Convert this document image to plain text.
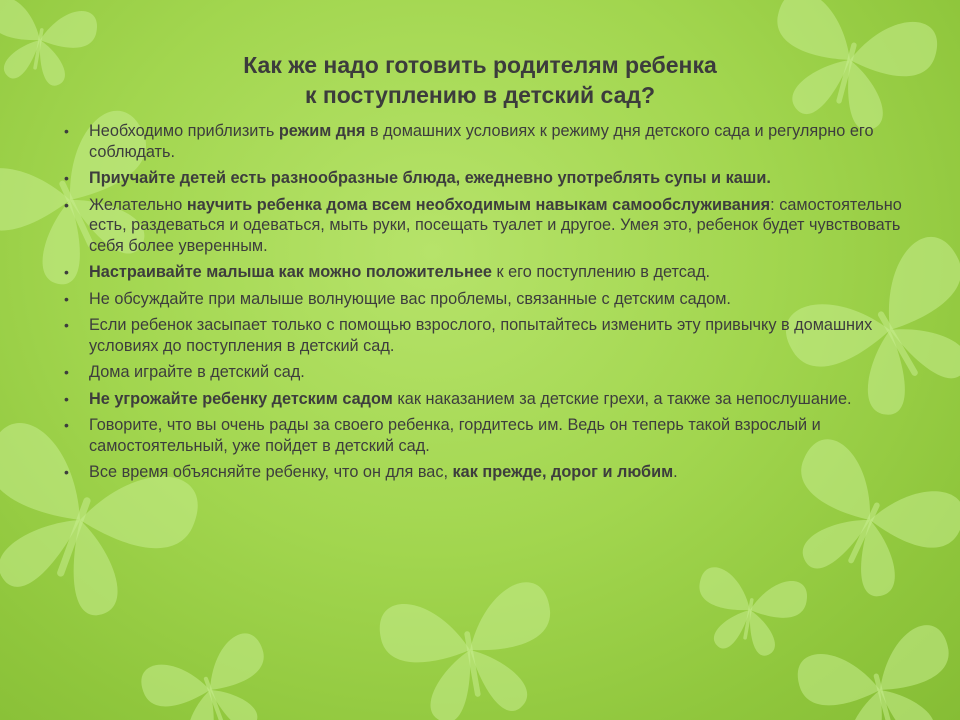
Как же надо готовить родителям ребенка
к поступлению в детский сад?
• Необходимо приблизить режим дня в домашних условиях к режиму дня детского сада и регулярно его соблюдать.
• Приучайте детей есть разнообразные блюда, ежедневно употреблять супы и каши.
• Желательно научить ребенка дома всем необходимым навыкам самообслуживания: самостоятельно есть, раздеваться и одеваться, мыть руки, посещать туалет и другое. Умея это, ребенок будет чувствовать себя более уверенным.
• Настраивайте малыша как можно положительнее к его поступлению в детсад.
• Не обсуждайте при малыше волнующие вас проблемы, связанные с детским садом.
• Если ребенок засыпает только с помощью взрослого, попытайтесь изменить эту привычку в домашних условиях до поступления в детский сад.
• Дома играйте в детский сад.
• Не угрожайте ребенку детским садом как наказанием за детские грехи, а также за непослушание.
• Говорите, что вы очень рады за своего ребенка, гордитесь им. Ведь он теперь такой взрослый и самостоятельный, уже пойдет в детский сад.
• Все время объясняйте ребенку, что он для вас, как прежде, дорог и любим.
